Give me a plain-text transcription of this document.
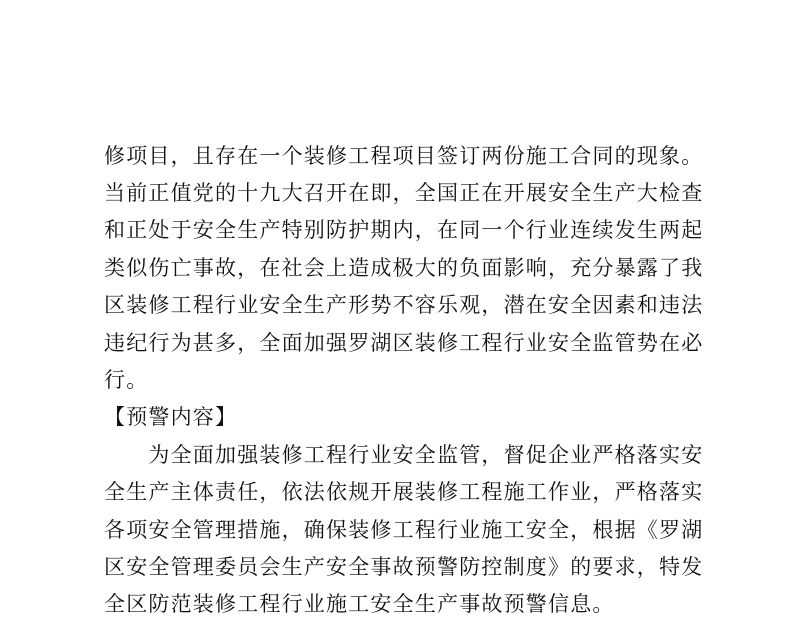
修项目，且存在一个装修工程项目签订两份施工合同的现象。
当前正值党的十九大召开在即，全国正在开展安全生产大检查
和正处于安全生产特别防护期内，在同一个行业连续发生两起
类似伤亡事故，在社会上造成极大的负面影响，充分暴露了我
区装修工程行业安全生产形势不容乐观，潜在安全因素和违法
违纪行为甚多，全面加强罗湖区装修工程行业安全监管势在必
行。
【预警内容】
　　为全面加强装修工程行业安全监管，督促企业严格落实安
全生产主体责任，依法依规开展装修工程施工作业，严格落实
各项安全管理措施，确保装修工程行业施工安全，根据《罗湖
区安全管理委员会生产安全事故预警防控制度》的要求，特发
全区防范装修工程行业施工安全生产事故预警信息。
